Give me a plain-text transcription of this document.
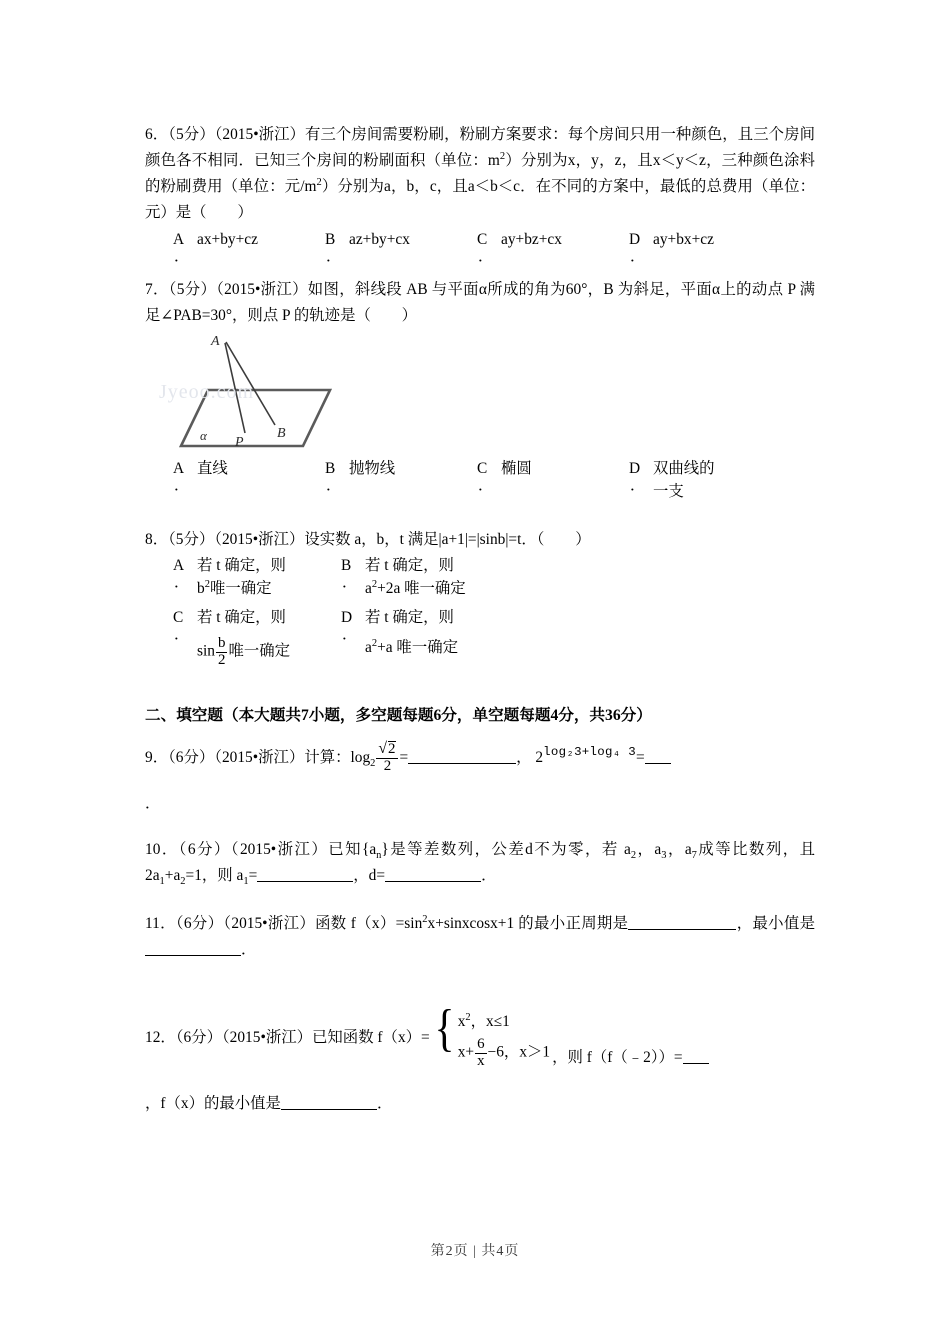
6．（5分）（2015•浙江）有三个房间需要粉刷，粉刷方案要求：每个房间只用一种颜色，且三个房间颜色各不相同．已知三个房间的粉刷面积（单位：$m^2$）分别为x，y，z，且x＜y＜z，三种颜色涂料的粉刷费用（单位：元$/m^2$）分别为a，b，c，且a＜b＜c．在不同的方案中，最低的总费用（单位：元）是（　　）
A
．
ax+by+cz	B
．
az+by+cx	C
．
ay+bz+cx	D
．
ay+bx+cz
7．（5分）（2015•浙江）如图，斜线段 AB 与平面α所成的角为60°，B 为斜足，平面α上的动点 P 满足∠PAB=30°，则点 P 的轨迹是（　　）
A
B
P
α
Jyeoo.com
A
．
直线	B
．
抛物线	C
．
椭圆	D
．
双曲线的一支
8．（5分）（2015•浙江）设实数 a，b，t 满足|a+1|=|sinb|=t．（　　）
A
．
若 t 确定，则
$b^2$唯一确定
B
．
若 t 确定，则
$a^2+2a$ 唯一确定
C
．
若 t 确定，则
$\sin \frac{b}{2}$ 唯一确定
D
．
若 t 确定，则
$a^2+a$ 唯一确定
二、填空题（本大题共7小题，多空题每题6分，单空题每题4分，共36分）
9．（6分）（2015•浙江）计算：$\log_2 \frac{√2}{2}$ =	， $2^{log_23+log_4 3}=$
．
10．（6分）（2015•浙江）已知$\{a_n\}$是等差数列，公差d不为零，若 $a_2$，$a_3$，$a_7$成等比数列，且 $2a_1+a_2=1$，则 $a_1=$	，d=	．
11．（6分）（2015•浙江）函数 $f(x)=\sin^2x+sinxcosx+1$ 的最小正周期是	，最小值是．
12．（6分）（2015•浙江）已知函数 f（x）= { $x^2$，x≤1
$x+ \frac{6}{x} -6$，x＞1 ，则 f（f（﹣2））=
，f（x）的最小值是	．
第2页 | 共4页
